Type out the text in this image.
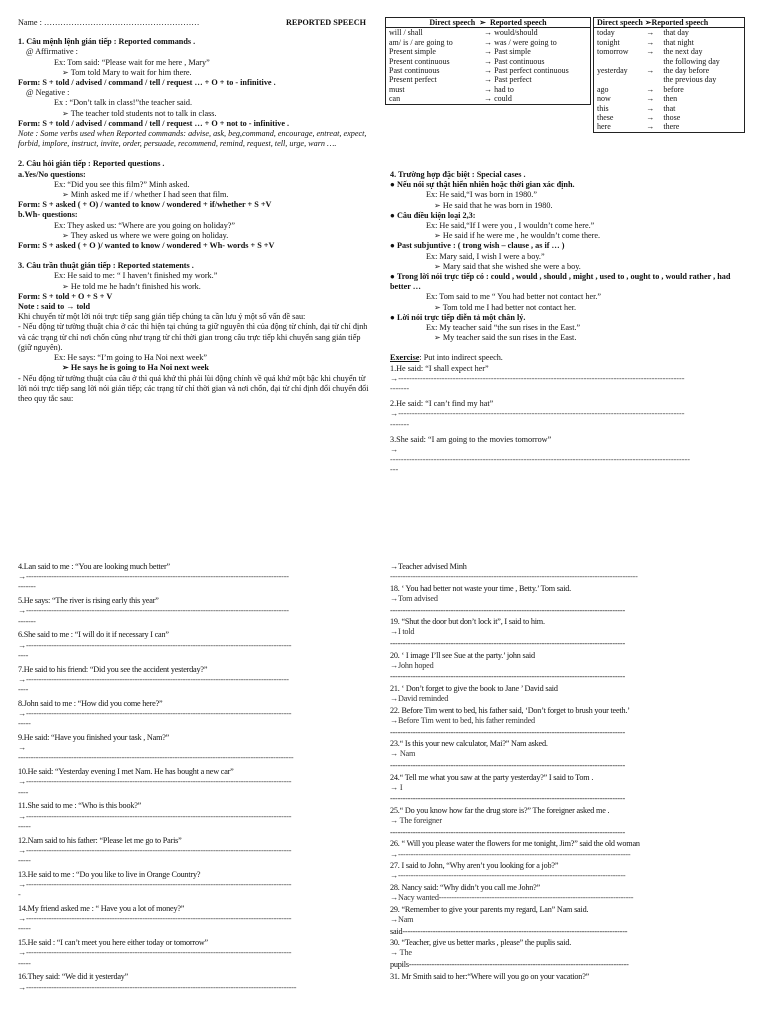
Name : …………………………………………………	REPORTED SPEECH
1. Câu mệnh lệnh gián tiếp : Reported commands .
@ Affirmative :
Ex: Tom said: “Please wait for me here , Mary”
➢ Tom told Mary to wait for him there.
Form: S + told / advised / command / tell / request … + O + to - infinitive .
@ Negative :
Ex : “Don’t talk in class!”the teacher said.
➢ The teacher told students not to talk in class.
Form: S + told / advised / command / tell / request … + O + not to - infinitive .
Note : Some verbs used when Reported commands: advise, ask, beg,command, encourage, entreat, expect, forbid, implore, instruct, invite, order, persuade, recommend, remind, request, tell, urge, warn ….
2. Câu hỏi gián tiếp : Reported questions .
a.Yes/No questions:
Ex: “Did you see this film?” Minh asked.
➢ Minh asked me if / whether I had seen that film.
Form: S + asked ( + O) / wanted to know / wondered + if/whether + S +V
b.Wh- questions:
Ex: They asked us: “Where are you going on holiday?”
➢ They asked us where we were going on holiday.
Form: S + asked ( + O )/ wanted to know / wondered + Wh- words + S +V
3. Câu trần thuật gián tiếp : Reported statements .
Ex: He said to me: “ I haven’t finished my work.”
➢ He told me he hadn’t finished his work.
Form: S + told + O + S + V
Note : said to → told
Khi chuyển từ một lời nói trực tiếp sang gián tiếp chúng ta cần lưu ý một số vấn đề sau:
- Nếu động từ tường thuật chia ở các thì hiện tại chúng ta giữ nguyên thì của động từ chính, đại từ chỉ định và các trạng từ chỉ nơi chốn cũng như trạng từ chỉ thời gian trong câu trực tiếp khi chuyển sang gián tiếp (giữ nguyên).
Ex: He says: “I’m going to Ha Noi next week”
➢ He says he is going to Ha Noi next week
- Nếu động từ tường thuật của câu ở thì quá khứ thì phải lùi động chính về quá khứ một bậc khi chuyển từ lời nói trực tiếp sang lời nói gián tiếp; các trạng từ chỉ thời gian và nơi chốn, đại từ chỉ định đổi chuyển đổi theo quy tắc sau:
Direct speech ➢ Reported speech	
will / shall	→ would/should
am/ is / are going to	→ was / were going to
Present simple	→ Past simple
Present continuous	→ Past continuous
Past continuous	→ Past perfect continuous
Present perfect	→ Past perfect
must	→ had to
can	→ could
Direct speech ➢Reported speech		
today	→	that day
tonight	→	that night
tomorrow	→	the next day
the following day
yesterday	→	the day before
the previous day
ago	→	before
now	→	then
this	→	that
these	→	those
here	→	there
4. Trường hợp đặc biệt : Special cases .
● Nếu nói sự thật hiển nhiên hoặc thời gian xác định.
Ex: He said,“I was born in 1980.”
➢ He said that he was born in 1980.
● Câu điều kiện loại 2,3:
Ex: He said,“If I were you , I wouldn’t come here.”
➢ He said if he were me , he wouldn’t come there.
● Past subjuntive : ( trong wish – clause , as if … )
Ex: Mary said, I wish I were a boy.”
➢ Mary said that she wished she were a boy.
● Trong lời nói trực tiếp có : could , would , should , might , used to , ought to , would rather , had better …
Ex: Tom said to me “ You had better not contact her.”
➢ Tom told me I had better not contact her.
● Lời nói trực tiếp diễn tả một chân lý.
Ex: My teacher said “the sun rises in the East.”
➢ My teacher said the sun rises in the East.
Exercise: Put into indirect speech.
1.He said: “I shall expect her”
→---------------------------------------------------------------------------------------------------------
-------
2.He said: “I can’t find my hat”
→---------------------------------------------------------------------------------------------------------
-------
3.She said: “I am going to the movies tomorrow”
→
--------------------------------------------------------------------------------------------------------------
---
4.Lan said to me : “You are looking much better”
→--------------------------------------------------------------------------------------------------------
-------
5.He says: “The river is rising early this year”
→--------------------------------------------------------------------------------------------------------
-------
6.She said to me : “I will do it if necessary I can”
→---------------------------------------------------------------------------------------------------------
----
7.He said to his friend: “Did you see the accident yesterday?”
→--------------------------------------------------------------------------------------------------------
----
8.John said to me : “How did you come here?”
→---------------------------------------------------------------------------------------------------------
-----
9.He said: “Have you finished your task , Nam?”
→
-------------------------------------------------------------------------------------------------------------
10.He said: “Yesterday evening I met Nam. He has bought a new car”
→---------------------------------------------------------------------------------------------------------
----
11.She said to me : “Who is this book?”
→---------------------------------------------------------------------------------------------------------
-----
12.Nam said to his father: “Please let me go to Paris”
→---------------------------------------------------------------------------------------------------------
-----
13.He said to me : “Do you like to live in Orange Country?
→---------------------------------------------------------------------------------------------------------
-
14.My friend asked me : “ Have you a lot of money?”
→---------------------------------------------------------------------------------------------------------
-----
15.He said : “I can’t meet you here either today or tomorrow”
→---------------------------------------------------------------------------------------------------------
-----
16.They said: “We did it yesterday”
→-----------------------------------------------------------------------------------------------------------
→Teacher advised Minh
--------------------------------------------------------------------------------------------------
18. ‘ You had better not waste your time , Betty.’ Tom said.
→Tom advised
---------------------------------------------------------------------------------------------
19. “Shut the door but don’t lock it”, I said to him.
→I told
---------------------------------------------------------------------------------------------
20. ‘ I image I’ll see Sue at the party.’ john said
→John hoped
---------------------------------------------------------------------------------------------
21. ‘ Don’t forget to give the book to Jane ’ David said
→David reminded
22. Before Tim went to bed, his father said, ‘Don’t forget to brush your teeth.’
→Before Tim went to bed, his father reminded
---------------------------------------------------------------------------------------------
23.“ Is this your new calculator, Mai?” Nam asked.
→ Nam
---------------------------------------------------------------------------------------------
24.“ Tell me what you saw at the party yesterday?” I said to Tom .
→ I
---------------------------------------------------------------------------------------------
25.“ Do you know how far the drug store is?” The foreigner asked me .
→ The foreigner
---------------------------------------------------------------------------------------------
26. “ Will you please water the flowers for me tonight, Jim?” said the old woman
→--------------------------------------------------------------------------------------------
27. I said to John, “Why aren’t you looking for a job?”
→------------------------------------------------------------------------------------------
28. Nancy said: “Why didn’t you call me John?”
→Nacy wanted-----------------------------------------------------------------------------
29. “Remember to give your parents my regard, Lan” Nam said.
→Nam
said-----------------------------------------------------------------------------------------
30. “Teacher, give us better marks , please” the puplis said.
→ The
pupils---------------------------------------------------------------------------------------
31. Mr Smith said to her:“Where will you go on your vacation?”
